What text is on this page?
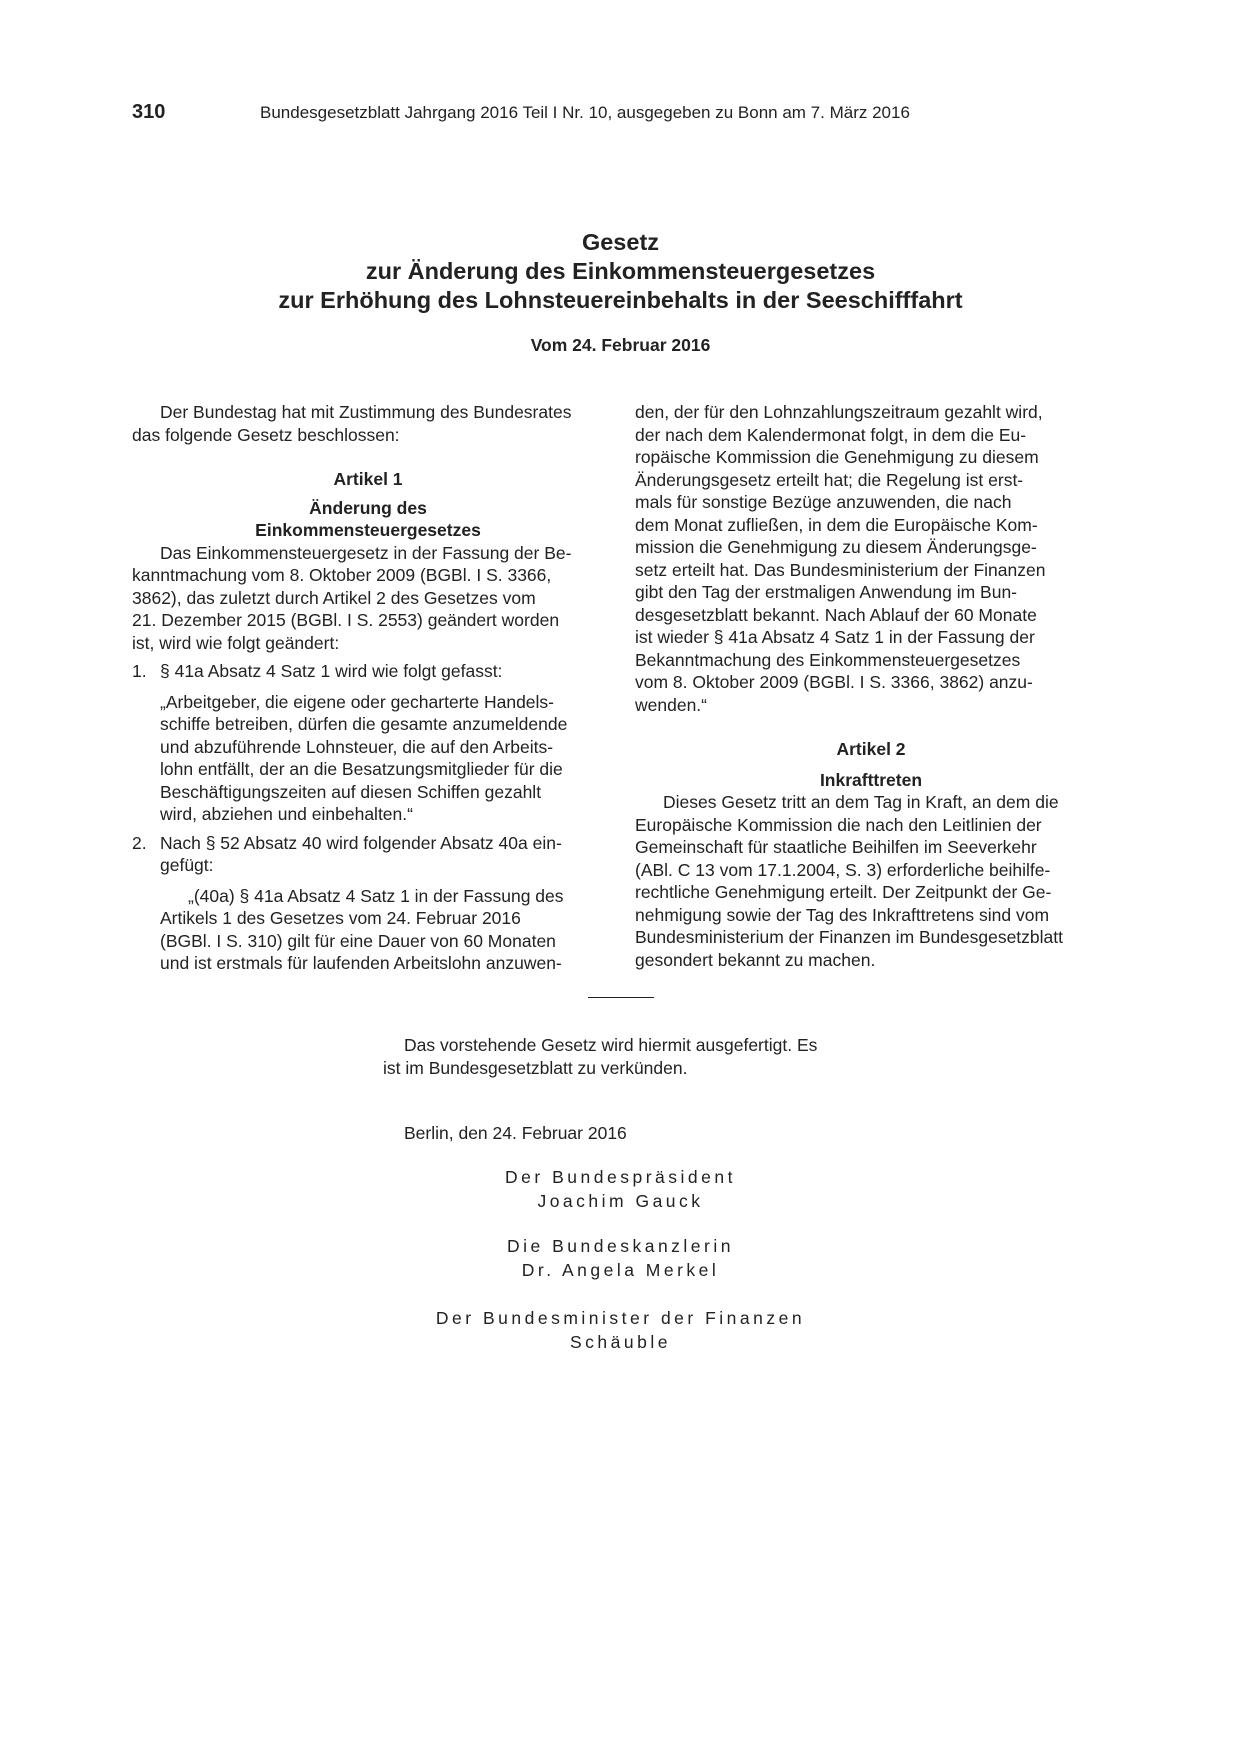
310	Bundesgesetzblatt Jahrgang 2016 Teil I Nr. 10, ausgegeben zu Bonn am 7. März 2016
Gesetz
zur Änderung des Einkommensteuergesetzes
zur Erhöhung des Lohnsteuereinbehalts in der Seeschifffahrt
Vom 24. Februar 2016

Der Bundestag hat mit Zustimmung des Bundesrates

das folgende Gesetz beschlossen:

Artikel 1

Änderung des

Einkommensteuergesetzes

Das Einkommensteuergesetz in der Fassung der Be-

kanntmachung vom 8. Oktober 2009 (BGBl. I S. 3366,

3862), das zuletzt durch Artikel 2 des Gesetzes vom

21. Dezember 2015 (BGBl. I S. 2553) geändert worden

ist, wird wie folgt geändert:

1. § 41a Absatz 4 Satz 1 wird wie folgt gefasst:

„Arbeitgeber, die eigene oder gecharterte Handels-

schiffe betreiben, dürfen die gesamte anzumeldende

und abzuführende Lohnsteuer, die auf den Arbeits-

lohn entfällt, der an die Besatzungsmitglieder für die

Beschäftigungszeiten auf diesen Schiffen gezahlt

wird, abziehen und einbehalten.“

2. Nach § 52 Absatz 40 wird folgender Absatz 40a ein-

gefügt:

„(40a) § 41a Absatz 4 Satz 1 in der Fassung des

Artikels 1 des Gesetzes vom 24. Februar 2016

(BGBl. I S. 310) gilt für eine Dauer von 60 Monaten

und ist erstmals für laufenden Arbeitslohn anzuwen-

den, der für den Lohnzahlungszeitraum gezahlt wird,

der nach dem Kalendermonat folgt, in dem die Eu-

ropäische Kommission die Genehmigung zu diesem

Änderungsgesetz erteilt hat; die Regelung ist erst-

mals für sonstige Bezüge anzuwenden, die nach

dem Monat zufließen, in dem die Europäische Kom-

mission die Genehmigung zu diesem Änderungsge-

setz erteilt hat. Das Bundesministerium der Finanzen

gibt den Tag der erstmaligen Anwendung im Bun-

desgesetzblatt bekannt. Nach Ablauf der 60 Monate

ist wieder § 41a Absatz 4 Satz 1 in der Fassung der

Bekanntmachung des Einkommensteuergesetzes

vom 8. Oktober 2009 (BGBl. I S. 3366, 3862) anzu-

wenden.“

Artikel 2

Inkrafttreten

Dieses Gesetz tritt an dem Tag in Kraft, an dem die

Europäische Kommission die nach den Leitlinien der

Gemeinschaft für staatliche Beihilfen im Seeverkehr

(ABl. C 13 vom 17.1.2004, S. 3) erforderliche beihilfe-

rechtliche Genehmigung erteilt. Der Zeitpunkt der Ge-

nehmigung sowie der Tag des Inkrafttretens sind vom

Bundesministerium der Finanzen im Bundesgesetzblatt

gesondert bekannt zu machen.

Das vorstehende Gesetz wird hiermit ausgefertigt. Es
ist im Bundesgesetzblatt zu verkünden.
Berlin, den 24. Februar 2016
Der Bundespräsident
Joachim Gauck
Die Bundeskanzlerin
Dr. Angela Merkel
Der Bundesminister der Finanzen
Schäuble
